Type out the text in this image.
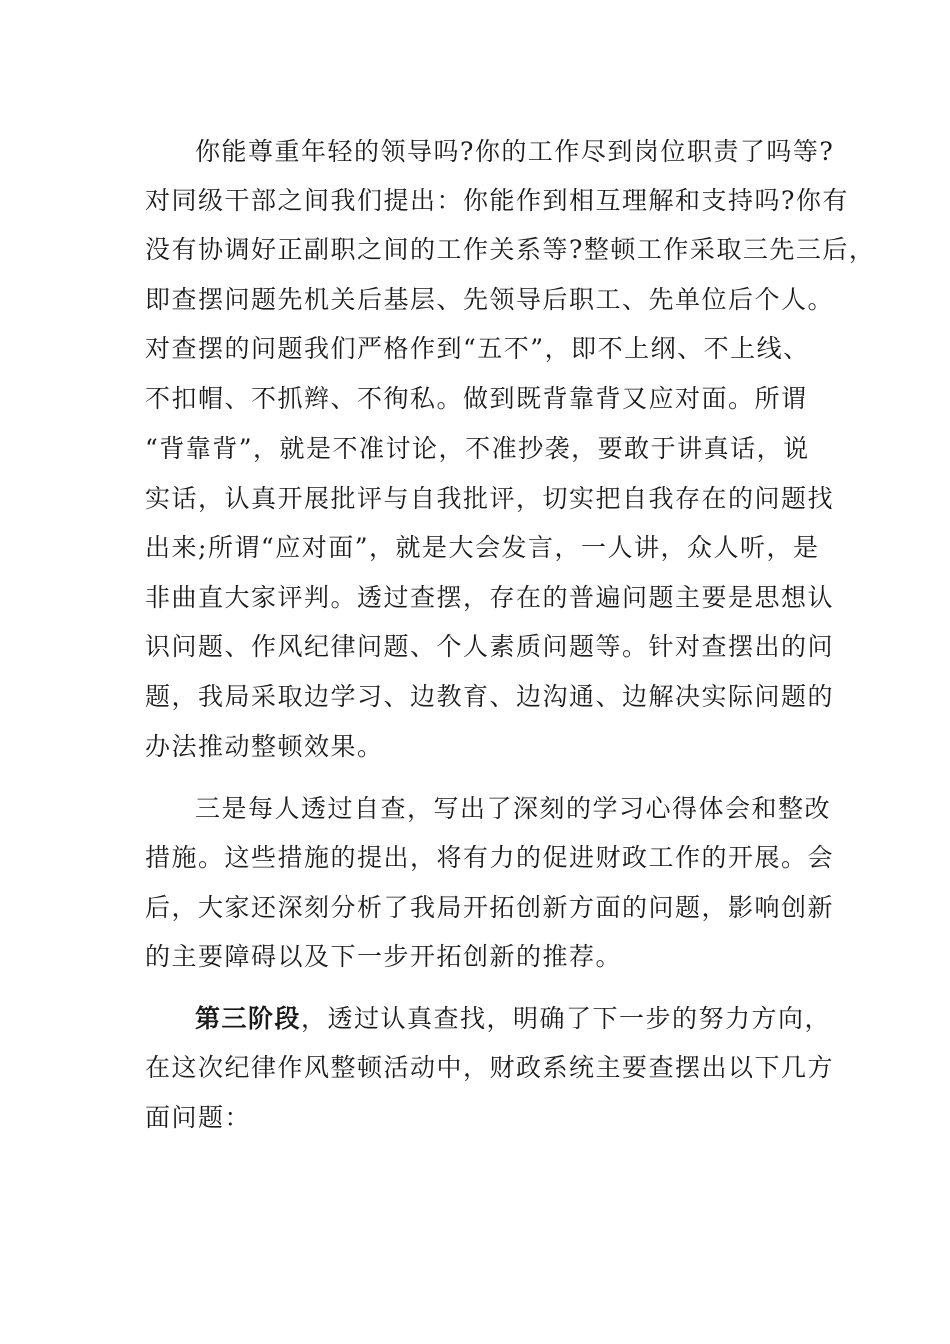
你能尊重年轻的领导吗?你的工作尽到岗位职责了吗等?
对同级干部之间我们提出：你能作到相互理解和支持吗?你有
没有协调好正副职之间的工作关系等?整顿工作采取三先三后，
即查摆问题先机关后基层、先领导后职工、先单位后个人。
对查摆的问题我们严格作到“五不”，即不上纲、不上线、
不扣帽、不抓辫、不徇私。做到既背靠背又应对面。所谓
“背靠背”，就是不准讨论，不准抄袭，要敢于讲真话，说
实话，认真开展批评与自我批评，切实把自我存在的问题找
出来;所谓“应对面”，就是大会发言，一人讲，众人听，是
非曲直大家评判。透过查摆，存在的普遍问题主要是思想认
识问题、作风纪律问题、个人素质问题等。针对查摆出的问
题，我局采取边学习、边教育、边沟通、边解决实际问题的
办法推动整顿效果。
三是每人透过自查，写出了深刻的学习心得体会和整改
措施。这些措施的提出，将有力的促进财政工作的开展。会
后，大家还深刻分析了我局开拓创新方面的问题，影响创新
的主要障碍以及下一步开拓创新的推荐。
第三阶段，透过认真查找，明确了下一步的努力方向，
在这次纪律作风整顿活动中，财政系统主要查摆出以下几方
面问题：
